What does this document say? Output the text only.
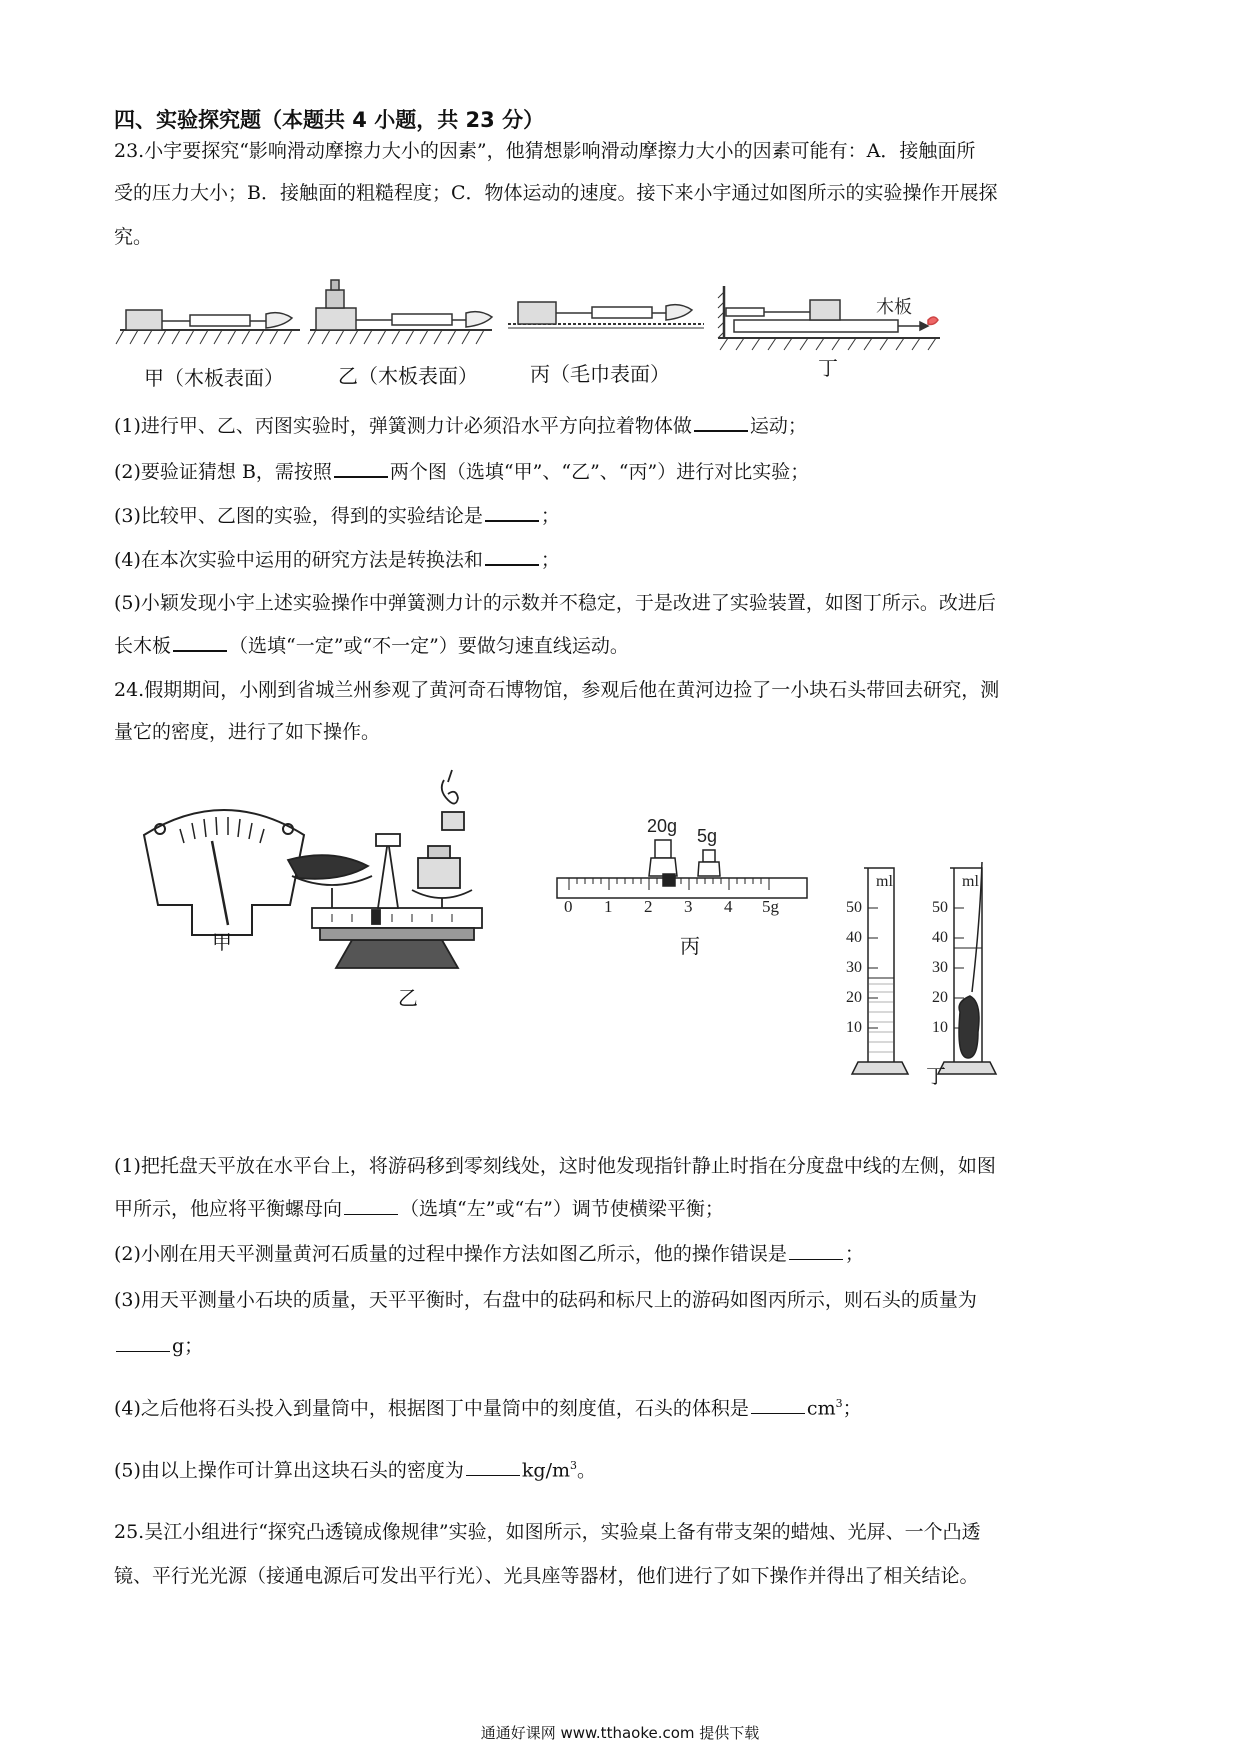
四、实验探究题（本题共 4 小题，共 23 分）
23.小宇要探究“影响滑动摩擦力大小的因素”，他猜想影响滑动摩擦力大小的因素可能有：A．接触面所
受的压力大小；B．接触面的粗糙程度；C．物体运动的速度。接下来小宇通过如图所示的实验操作开展探
究。
木板
甲（木板表面）	乙（木板表面）	丙（毛巾表面）	丁
(1)进行甲、乙、丙图实验时，弹簧测力计必须沿水平方向拉着物体做	运动；
(2)要验证猜想 B，需按照	两个图（选填“甲”、“乙”、“丙”）进行对比实验；
(3)比较甲、乙图的实验，得到的实验结论是	；
(4)在本次实验中运用的研究方法是转换法和	；
(5)小颖发现小宇上述实验操作中弹簧测力计的示数并不稳定，于是改进了实验装置，如图丁所示。改进后
长木板	（选填“一定”或“不一定”）要做匀速直线运动。
24.假期期间，小刚到省城兰州参观了黄河奇石博物馆，参观后他在黄河边捡了一小块石头带回去研究，测
量它的密度，进行了如下操作。
甲
乙
20g 5g
0 1 2 3 4 5g
丙
ml	ml
50
40
30
20
10
50
40
30
20
10
丁
(1)把托盘天平放在水平台上，将游码移到零刻线处，这时他发现指针静止时指在分度盘中线的左侧，如图
甲所示，他应将平衡螺母向	（选填“左”或“右”）调节使横梁平衡；
(2)小刚在用天平测量黄河石质量的过程中操作方法如图乙所示，他的操作错误是	；
(3)用天平测量小石块的质量，天平平衡时，右盘中的砝码和标尺上的游码如图丙所示，则石头的质量为
g；
(4)之后他将石头投入到量筒中，根据图丁中量筒中的刻度值，石头的体积是	$cm^3$；
(5)由以上操作可计算出这块石头的密度为	$kg/m^3$。
25.吴江小组进行“探究凸透镜成像规律”实验，如图所示，实验桌上备有带支架的蜡烛、光屏、一个凸透
镜、平行光光源（接通电源后可发出平行光）、光具座等器材，他们进行了如下操作并得出了相关结论。
通通好课网 www.tthaoke.com 提供下载
